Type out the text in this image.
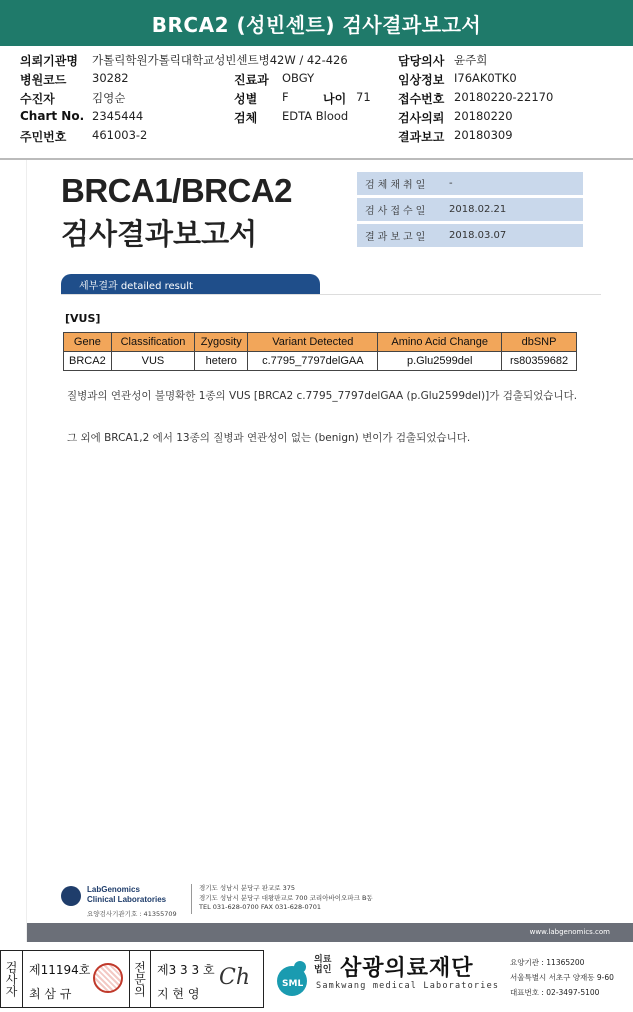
BRCA2 (성빈센트) 검사결과보고서
의뢰기관명 가톨릭학원가톨릭대학교성빈센트병42W / 42-426	담당의사 윤주희
병원코드 30282	진료과 OBGY	임상정보 I76AK0TK0
수진자	김영순	성별 F	나이 71 접수번호 20180220-22170
Chart No. 2345444	검체 EDTA Blood	검사의뢰 20180220
주민번호 461003-2	결과보고 20180309
BRCA1/BRCA2
검사결과보고서
검체채취일	-
검사접수일	2018.02.21
결과보고일	2018.03.07
세부결과 detailed result
[VUS]
Gene	Classification	Zygosity	Variant Detected	Amino Acid Change	dbSNP
BRCA2	VUS	hetero	c.7795_7797delGAA	p.Glu2599del	rs80359682
질병과의 연관성이 불명확한 1종의 VUS [BRCA2 c.7795_7797delGAA (p.Glu2599del)]가 검출되었습니다.
그 외에 BRCA1,2 에서 13종의 질병과 연관성이 없는 (benign) 변이가 검출되었습니다.
LabGenomics
Clinical Laboratories
요양검사기관기호 : 41355709
경기도 성남시 분당구 판교로 375
경기도 성남시 분당구 대왕판교로 700 코리아바이오파크 B동
TEL 031-628-0700 FAX 031-628-0701
www.labgenomics.com
검사자 제11194호
최 삼 규	전문의 제3 3 3 호
지 현 영
Ch	SML
의료 법인 삼광의료재단
Samkwang medical Laboratories
요양기관 : 11365200
서울특별시 서초구 양재동 9-60
대표번호 : 02-3497-5100
